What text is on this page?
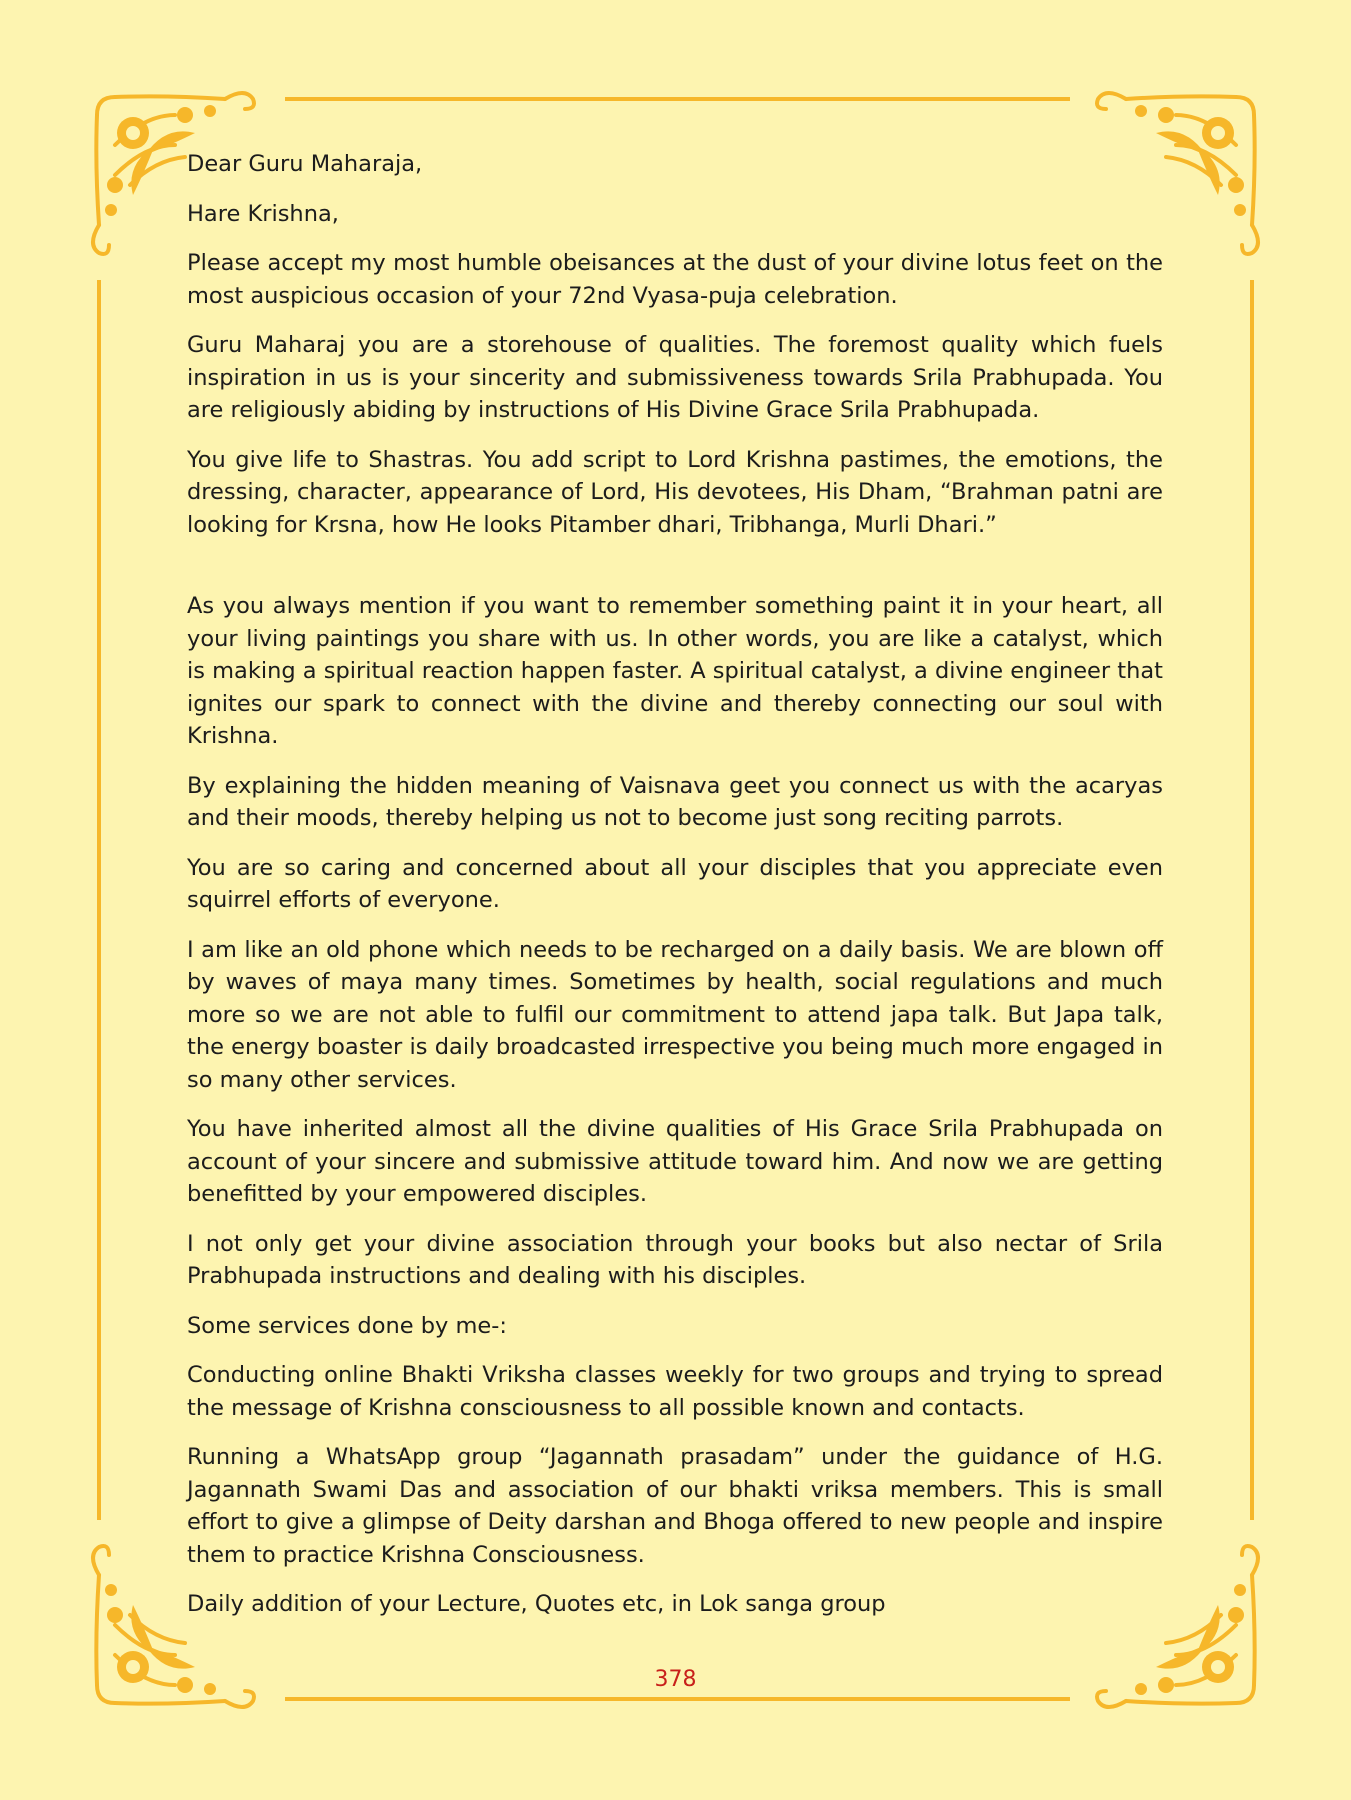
Dear Guru Maharaja,

Hare Krishna,

Please accept my most humble obeisances at the dust of your divine lotus feet on the most auspicious occasion of your 72nd Vyasa-puja celebration.

Guru Maharaj you are a storehouse of qualities. The foremost quality which fuels inspiration in us is your sincerity and submissiveness towards Srila Prabhupada. You are religiously abiding by instructions of His Divine Grace Srila Prabhupada.

You give life to Shastras. You add script to Lord Krishna pastimes, the emotions, the dressing, character, appearance of Lord, His devotees, His Dham, “Brahman patni are looking for Krsna, how He looks Pitamber dhari, Tribhanga, Murli Dhari.”

As you always mention if you want to remember something paint it in your heart, all your living paintings you share with us. In other words, you are like a catalyst, which is making a spiritual reaction happen faster. A spiritual catalyst, a divine engineer that ignites our spark to connect with the divine and thereby connecting our soul with Krishna.

By explaining the hidden meaning of Vaisnava geet you connect us with the acaryas and their moods, thereby helping us not to become just song reciting parrots.

You are so caring and concerned about all your disciples that you appreciate even squirrel efforts of everyone.

I am like an old phone which needs to be recharged on a daily basis. We are blown off by waves of maya many times. Sometimes by health, social regulations and much more so we are not able to fulfil our commitment to attend japa talk. But Japa talk, the energy boaster is daily broadcasted irrespective you being much more engaged in so many other services.

You have inherited almost all the divine qualities of His Grace Srila Prabhupada on account of your sincere and submissive attitude toward him. And now we are getting benefitted by your empowered disciples.

I not only get your divine association through your books but also nectar of Srila Prabhupada instructions and dealing with his disciples.

Some services done by me-:

Conducting online Bhakti Vriksha classes weekly for two groups and trying to spread the message of Krishna consciousness to all possible known and contacts.

Running a WhatsApp group “Jagannath prasadam” under the guidance of H.G. Jagannath Swami Das and association of our bhakti vriksa members. This is small effort to give a glimpse of Deity darshan and Bhoga offered to new people and inspire them to practice Krishna Consciousness.

Daily addition of your Lecture, Quotes etc, in Lok sanga group

378
